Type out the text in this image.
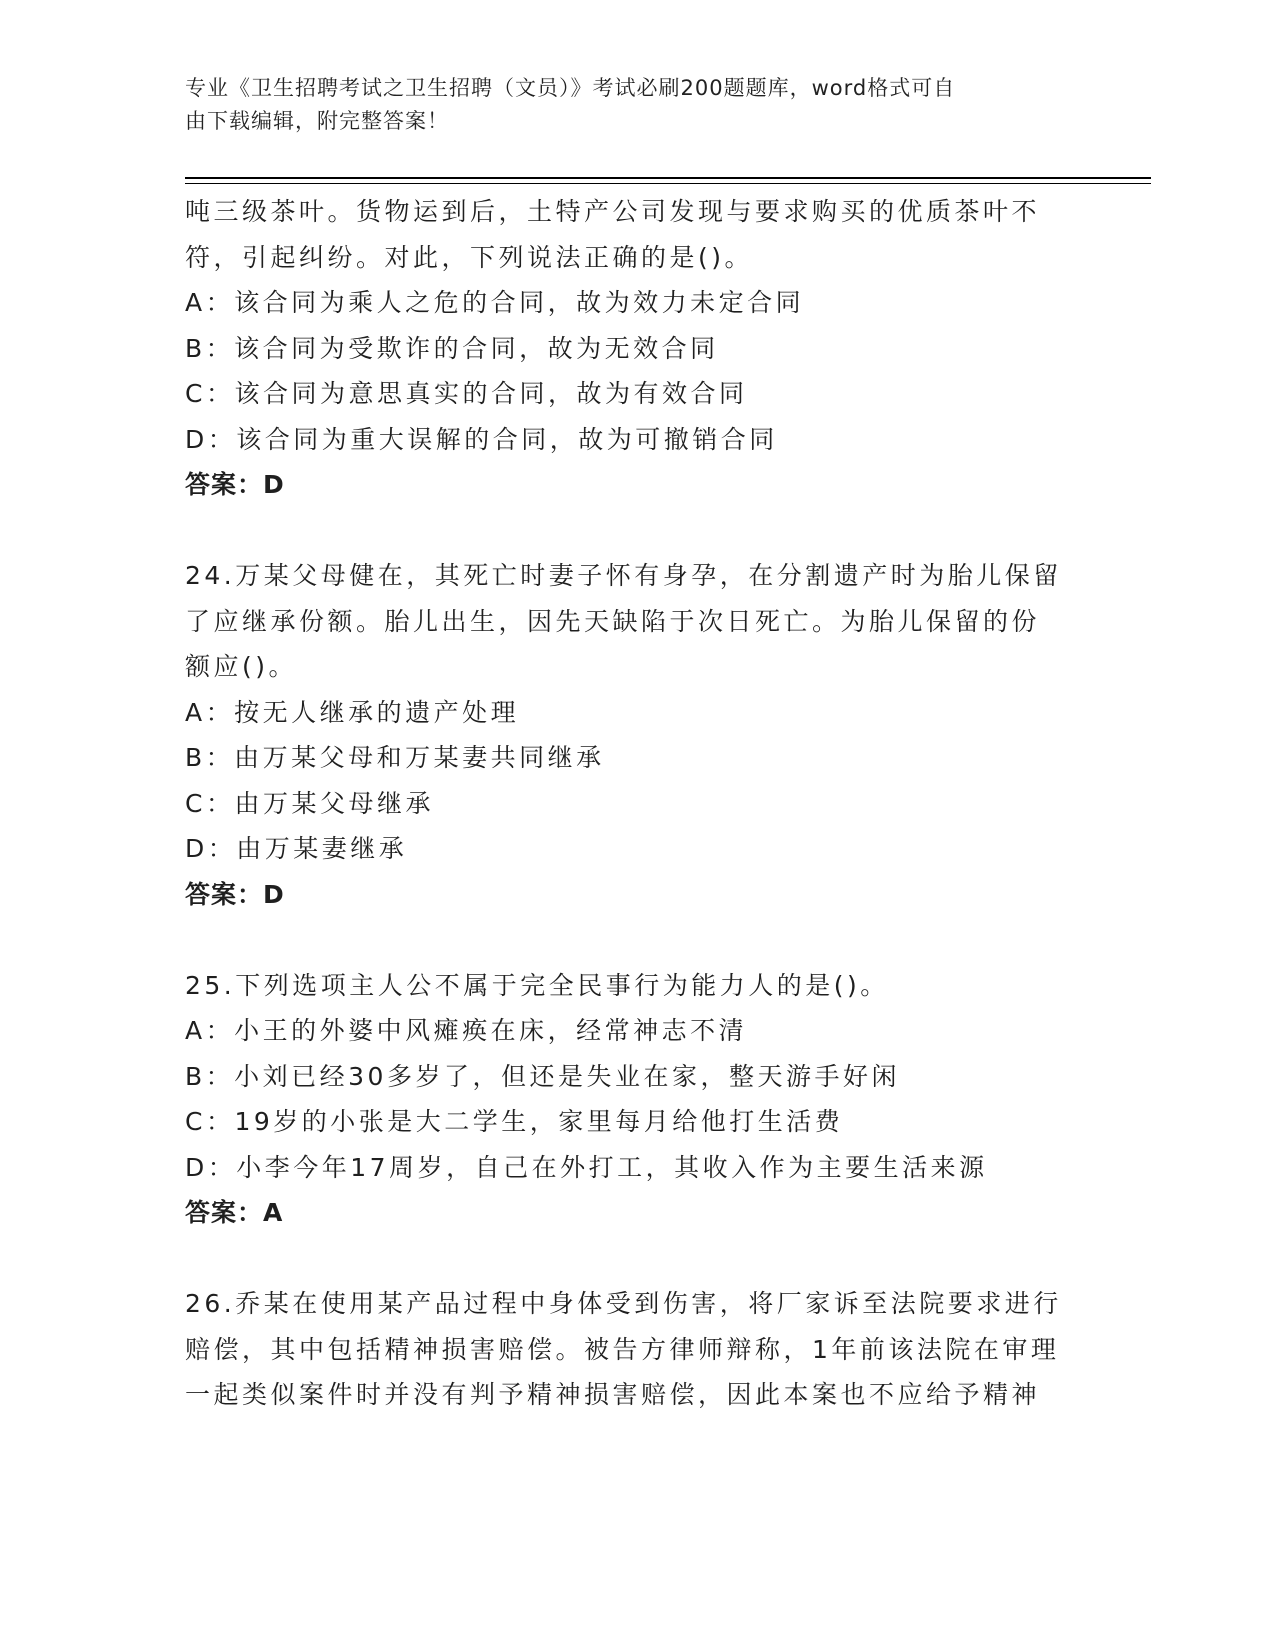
专业《卫生招聘考试之卫生招聘（文员）》考试必刷200题题库，word格式可自
由下载编辑，附完整答案！
吨三级茶叶。货物运到后，土特产公司发现与要求购买的优质茶叶不
符，引起纠纷。对此，下列说法正确的是()。
A：该合同为乘人之危的合同，故为效力未定合同
B：该合同为受欺诈的合同，故为无效合同
C：该合同为意思真实的合同，故为有效合同
D：该合同为重大误解的合同，故为可撤销合同
答案：D
24.万某父母健在，其死亡时妻子怀有身孕，在分割遗产时为胎儿保留
了应继承份额。胎儿出生，因先天缺陷于次日死亡。为胎儿保留的份
额应()。
A：按无人继承的遗产处理
B：由万某父母和万某妻共同继承
C：由万某父母继承
D：由万某妻继承
答案：D
25.下列选项主人公不属于完全民事行为能力人的是()。
A：小王的外婆中风瘫痪在床，经常神志不清
B：小刘已经30多岁了，但还是失业在家，整天游手好闲
C：19岁的小张是大二学生，家里每月给他打生活费
D：小李今年17周岁，自己在外打工，其收入作为主要生活来源
答案：A
26.乔某在使用某产品过程中身体受到伤害，将厂家诉至法院要求进行
赔偿，其中包括精神损害赔偿。被告方律师辩称，1年前该法院在审理
一起类似案件时并没有判予精神损害赔偿，因此本案也不应给予精神
